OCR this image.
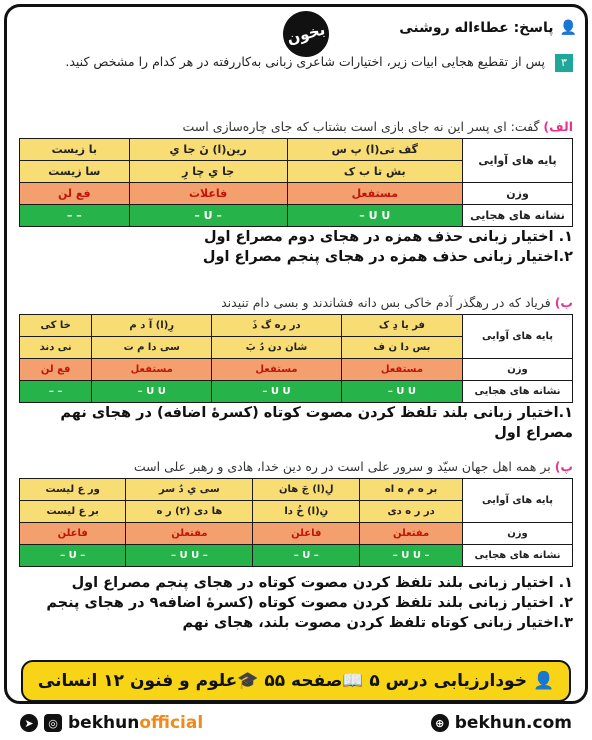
👤
پاسخ: عطاءاله روشنی
بخون
۳ پس از تقطیع هجایی ابیات زیر، اختیارات شاعری زبانی به‌کاررفته در هر کدام را مشخص کنید.
الف)گفت: ای پسر این نه جای بازی است بشتاب که جای چاره‌سازی است
پایه های آوایی	گف تی(ا) پ س	رین(ا) نَ جا یِ	با زیست
	بش تا ب ک	جا یِ چا رِ	سا زیست
وزن	مستفعل	فاعلات	فع لن
نشانه های هجایی	U U –	– U –	– –
۱. اختیار زبانی حذف همزه در هجای دوم مصراع اول
۲.اختیار زبانی حذف همزه در هجای پنجم مصراع اول
ب)فریاد که در رهگذر آدم خاکی بس دانه فشاندند و بسی دام تنیدند
پایه های آوایی	فر یا دِ ک	در ره گ ذَ	رِ(ا) آ د م	خا کی
	بس دا ن ف	شان دن دُ بَ	سی دا م ت	نی دند
وزن	مستفعل	مستفعل	مستفعل	فع لن
نشانه های هجایی	U U –	U U –	U U –	– –
۱.اختیار زبانی بلند تلفظ کردن مصوت کوتاه (کسرهٔ اضافه) در هجای نهم مصراع اول
پ)بر همه اهل جهان سیّد و سرور علی است در ره دین خدا، هادی و رهبر علی است
پایه های آوایی	بر ه م ه اه	لِ(ا) جَ هان	سی یِ دُ سر	ور ع لیست
	در ر ه دی	نِ(ا) خُ دا	ها دی (۲) ر ه	بر ع لیست
وزن	مفتعلن	فاعلن	مفتعلن	فاعلن
نشانه های هجایی	– U U –	– U –	– U U –	– U –
۱. اختیار زبانی بلند تلفظ کردن مصوت کوتاه در هجای پنجم مصراع اول
۲. اختیار زبانی بلند تلفظ کردن مصوت کوتاه (کسرهٔ اضافه۹ در هجای پنجم
۳.اختیار زبانی کوتاه تلفظ کردن مصوت بلند، هجای نهم
👤
خودارزیابی درس ۵ 📖صفحه ۵۵ 🎓علوم و فنون ۱۲ انسانی
➤	◎ bekhunofficial	⊕ bekhun.com
